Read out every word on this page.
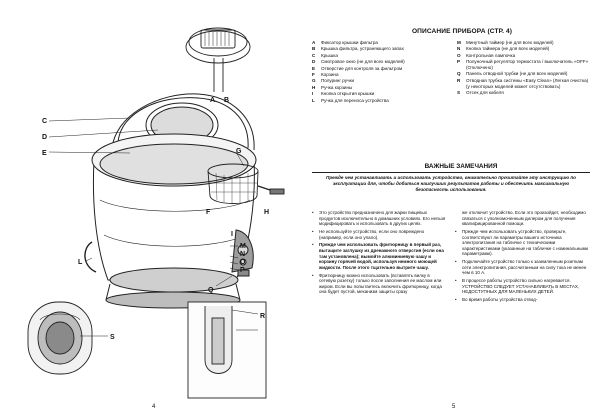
A B
C
D
E	G
F	H
I
L
M
N
O
P
Q
R
S
4
ОПИСАНИЕ ПРИБОРА (СТР. 4)
A	Фиксатор крышки фильтра
B	Крышка фильтра, устраняющего запах
C	Крышка
D	Смотровое окно (не для всех моделей)
E	Отверстие для контроля за фильтром
F	Корзина
G	Полуринг ручки
H	Ручка корзины
I	Кнопка открытия крышки
L	Ручка для переноса устройства
M	Минутный таймер (не для всех моделей)
N	Кнопка таймера (не для всех моделей)
O	Контрольная лампочка
P	Полуночный регулятор термостата / выключатель «OFF» (Отключено)
Q	Панель отводной трубки (не для всех моделей)
R	Отводная трубка системы «Easy Clean» (Легкая очистка) (у некоторых моделей может отсутствовать)
S	Отсек для кабеля
ВАЖНЫЕ ЗАМЕЧАНИЯ
Прежде чем устанавливать и использовать устройство, внимательно прочитайте эту инструкцию по эксплуатации для, чтобы добиться наилучших результатов работы и обеспечить максимальную безопасность использования.
•	Это устройство предназначено для жарки пищевых продуктов исключительно в домашних условиях. Его нельзя модифицировать и использовать в других целях.
•	Не используйте устройство, если оно повреждено (например, если оно упало).
•	Прежде чем использовать фритюрницу в первый раз, вытащите заглушку из дренажного отверстия (если она там установлена); вымойте алюминиевую чашу и корзину горячей водой, используя немного моющей жидкости. После этого тщательно вытрите чашу.
•	Фритюрницу можно использовать (вставлять вилку в сетевую розетку) только после заполнения ее маслом или жиром. Если вы попытаетесь включить фритюрницу, когда она будет пустой, механизм защиты сразу
же отключит устройство. Если это произойдет, необходимо связаться с уполномоченным дилером для получения квалифицированной помощи.
•	Прежде чем использовать устройство, проверьте, соответствуют ли параметры вашего источника электропитания на табличке с техническими характеристиками (указанные на табличке с номинальными параметрами).
•	Подключайте устройство только к заземленным розеткам сети электропитания, рассчитанным на силу тока не менее чем в 10 А.
•	В процессе работы устройство сильно нагревается. УСТРОЙСТВО СЛЕДУЕТ УСТАНАВЛИВАТЬ В МЕСТАХ, НЕДОСТУПНЫХ ДЛЯ МАЛЕНЬКИХ ДЕТЕЙ.
•	Во время работы устройства отвод-
5
